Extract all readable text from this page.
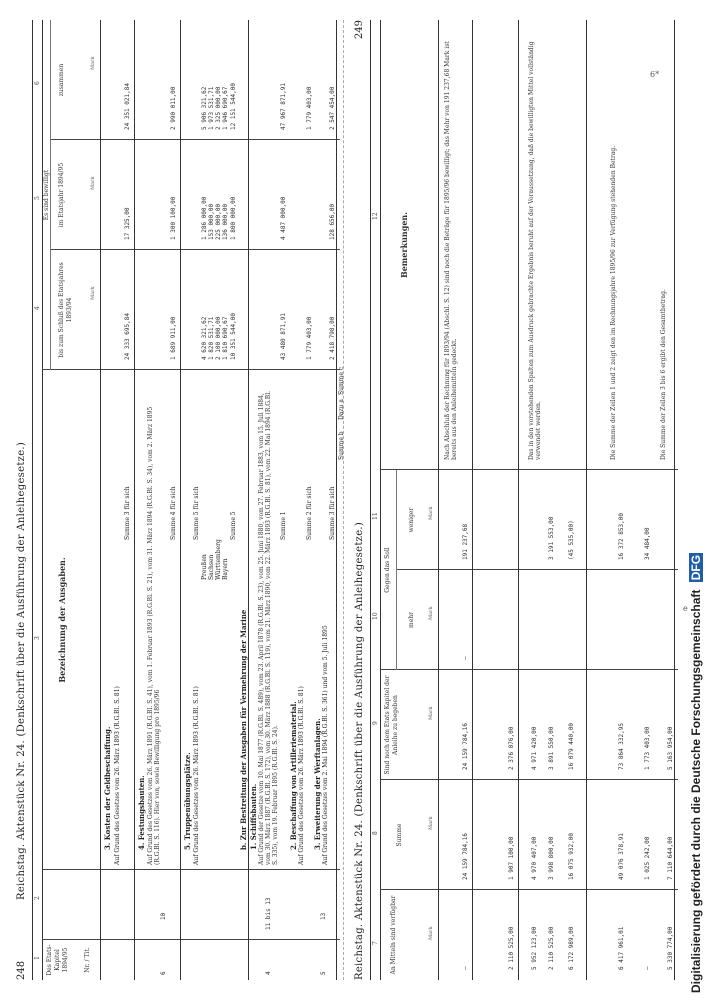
248
Reichstag. Aktenstück Nr. 24. (Denkschrift über die Ausführung der Anleihegesetze.)
1
2
3
4
5
6
Des Etats-Kapitel 1894/95	Nr. / Tit.
Bezeichnung der Ausgaben.
Es sind bewilligt
bis zum Schluß des Etatsjahres 1893/94
im Etatsjahr 1894/95
zusammen
Mark
Mark
Mark
3. Kosten der Geldbeschaffung. Auf Grund des Gesetzes vom 26. März 1893 (R.G.Bl. S. 81)
Summe 3 für sich
24 333 695,84
17 325,00
24 351 021,84
6
10
4. Festungsbauten. Auf Grund des Gesetzes vom 26. März 1891 (R.G.Bl. S. 41), vom 1. Februar 1893 (R.G.Bl. S. 21), vom 31. März 1894 (R.G.Bl. S. 34), vom 2. März 1895 (R.G.Bl. S. 116). Hier von, sowie Bewilligung pro 1895/96
Summe 4 für sich
1 689 911,00
1 300 100,00
2 990 011,00
5. Truppenübungsplätze. Auf Grund des Gesetzes vom 26. März 1893 (R.G.Bl. S. 81)
Summe 5 für sich
Preußen Sachsen Württemberg Bayern
4 620 321,62
1 286 000,00
5 906 321,62
1 820 531,71
153 000,00
1 973 531,71
2 100 000,00
225 000,00
2 325 000,00
1 810 690,67
136 000,00
1 946 690,67
Summe 5
10 351 544,00
1 800 000,00
12 151 544,00
b. Zur Bestreitung der Ausgaben für Vermehrung der Marine
4
11 bis 13
1. Schiffsbauten. Auf Grund der Gesetze vom 10. Mai 1877 (R.G.Bl. S. 489), vom 23. April 1878 (R.G.Bl. S. 23), vom 25. Juni 1880, vom 27. Februar 1883, vom 15. Juli 1884, vom 30. März 1887 (R.G.Bl. S. 172), vom 30. März 1888 (R.G.Bl. S. 119), vom 21. März 1890, vom 22. März 1893 (R.G.Bl. S. 81), vom 22. Mai 1894 (R.G.Bl. S. 335), vom 19. Februar 1895 (R.G.Bl. S. 24).
Summe 1
43 480 871,91
4 487 000,00
47 967 871,91
2. Beschaffung von Artilleriematerial. Auf Grund des Gesetzes vom 26. März 1893 (R.G.Bl. S. 81)
Summe 2 für sich
1 779 403,00
1 779 403,00
5
13
3. Erweiterung der Werftanlagen. Auf Grund des Gesetzes vom 2. Mai 1894 (R.G.Bl. S. 361) und vom 5. Juli 1895
Summe 3 für sich
2 418 798,00
128 656,00
2 547 454,00
Summe b
Dazu a
Summe c
Reichstag. Aktenstück Nr. 24. (Denkschrift über die Ausführung der Anleihegesetze.)
249
7
8
9
10
11
12
An Mitteln sind verfügbar
Summe
Sind noch dem Etats Kapitel der Anleihe zu begeben
Gegen das Soll
mehr
weniger
Bemerkungen.
Mark
Mark
Mark
Mark
Mark
—
24 159 784,16
24 159 784,16
—
191 237,68
Nach Abschluß der Rechnung für 1893/94 (Abschl. S. 12) sind noch die Beträge für 1895/96 bewilligt; das Mehr von 191 237,68 Mark ist bereits aus den Anleihemitteln gedeckt.
2 110 525,00
1 907 100,00
2 376 076,00
5 952 123,00
4 970 407,00
4 971 420,00
Das in den vorstehenden Spalten zum Ausdruck gebrachte Ergebnis beruht auf der Voraussetzung, daß die bewilligten Mittel vollständig verwendet werden.
2 110 525,00
3 998 800,00
3 891 550,00
3 191 553,00
6 172 989,00
16 075 932,00
16 079 440,00
(45 535,00)
6 417 961,01
49 076 378,91
73 864 332,95
16 372 853,00
Die Summe der Zeilen 1 und 2 zeigt den im Rechnungsjahre 1895/96 zur Verfügung stehenden Betrag.
—
1 025 242,00
1 773 403,00
34 484,00
5 330 774,00
7 110 644,00
5 163 954,00
Die Summe der Zeilen 3 bis 6 ergibt den Gesamtbetrag.
Digitalisierung gefördert durch die Deutsche Forschungsgemeinschaft DFG
e
6*
